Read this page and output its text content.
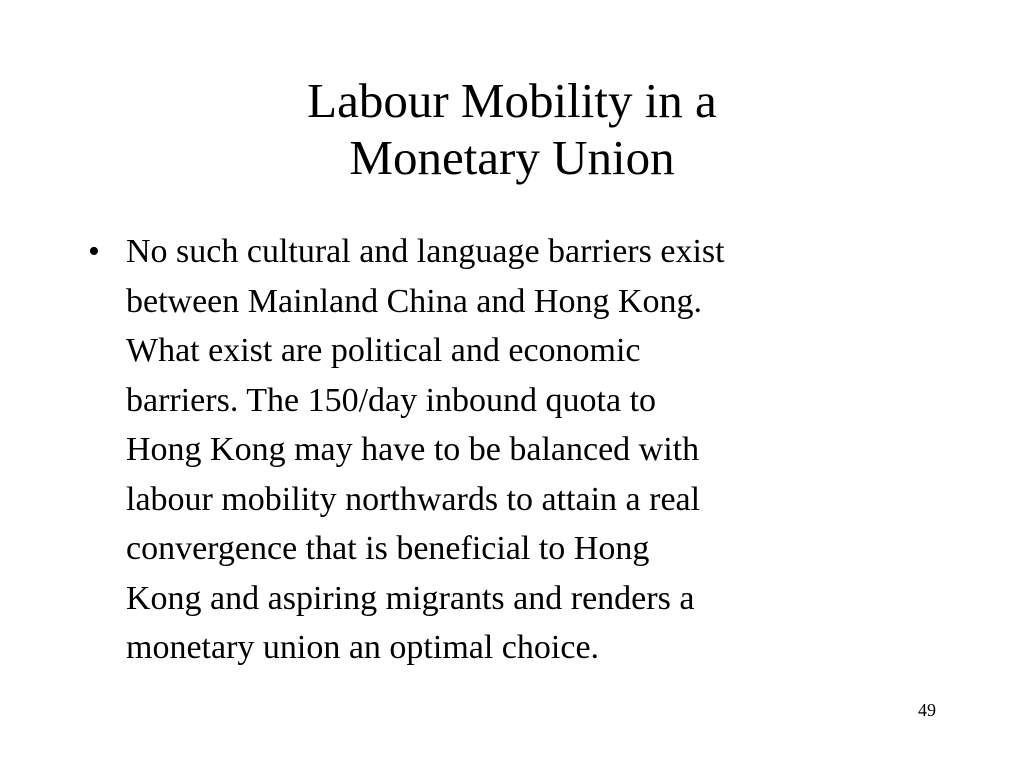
Labour Mobility in a
Monetary Union
• No such cultural and language barriers exist
between Mainland China and Hong Kong.
What exist are political and economic
barriers. The 150/day inbound quota to
Hong Kong may have to be balanced with
labour mobility northwards to attain a real
convergence that is beneficial to Hong
Kong and aspiring migrants and renders a
monetary union an optimal choice.
49
